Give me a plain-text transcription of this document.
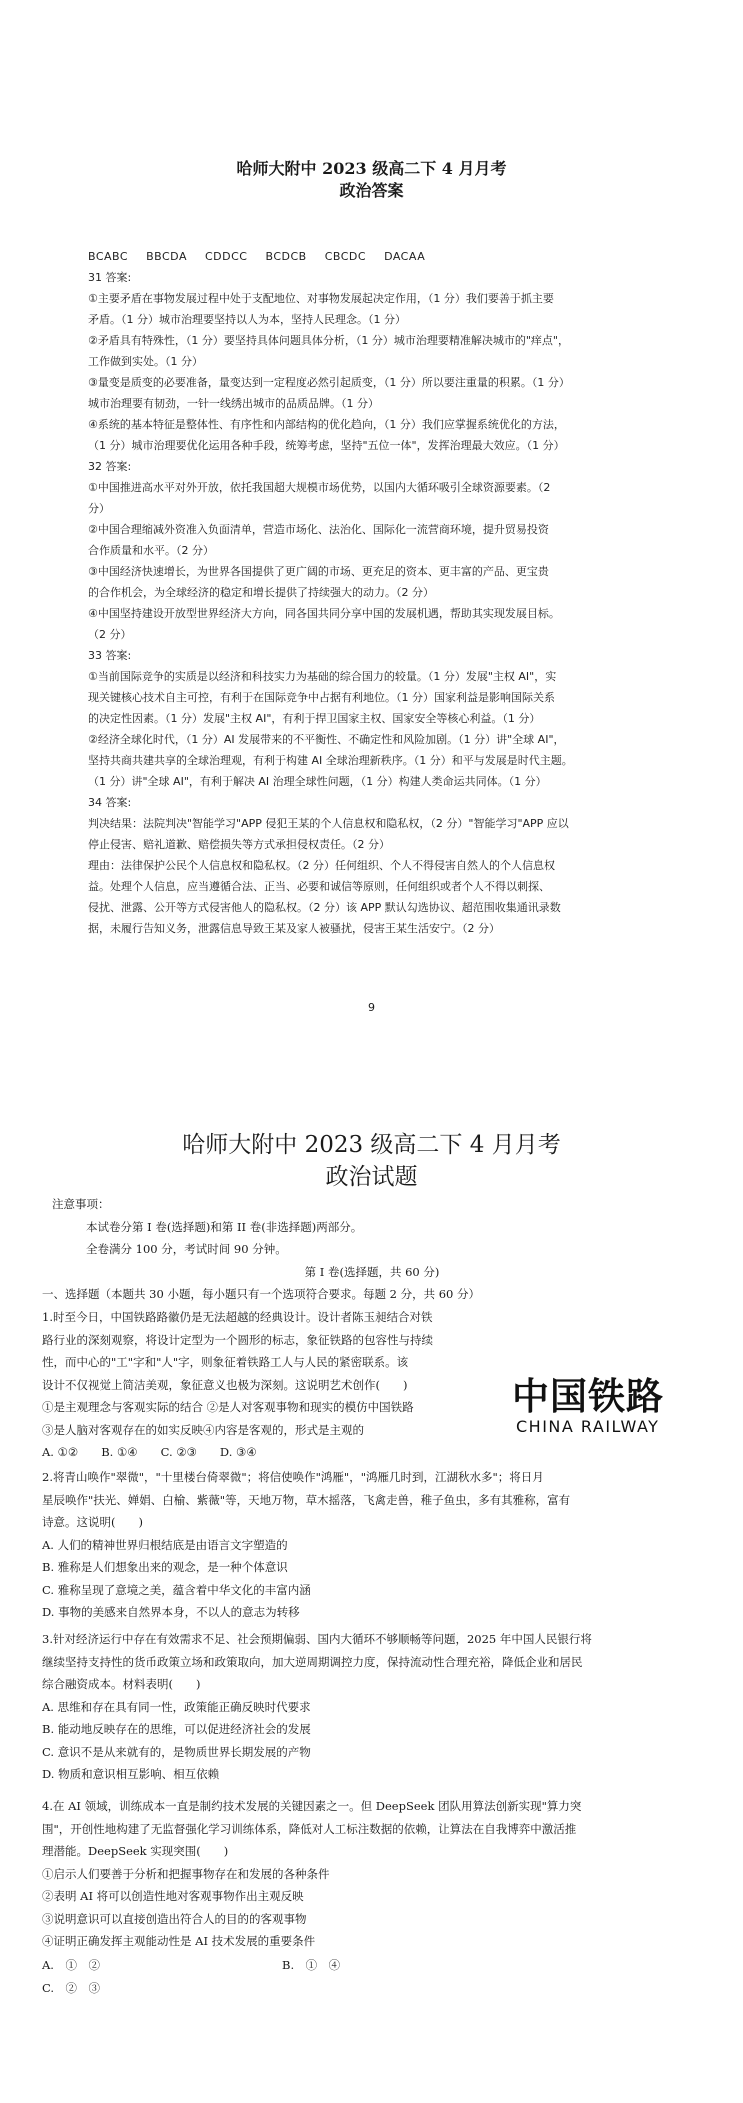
哈师大附中 2023 级高二下 4 月月考
政治答案
BCABC BBCDA CDDCC BCDCB CBCDC DACAA

31 答案:

①主要矛盾在事物发展过程中处于支配地位、对事物发展起决定作用，（1 分）我们要善于抓主要

矛盾。（1 分）城市治理要坚持以人为本，坚持人民理念。（1 分）

②矛盾具有特殊性，（1 分）要坚持具体问题具体分析，（1 分）城市治理要精准解决城市的"痒点"，

工作做到实处。（1 分）

③量变是质变的必要准备，量变达到一定程度必然引起质变，（1 分）所以要注重量的积累。（1 分）

城市治理要有韧劲，一针一线绣出城市的品质品牌。（1 分）

④系统的基本特征是整体性、有序性和内部结构的优化趋向，（1 分）我们应掌握系统优化的方法，

（1 分）城市治理要优化运用各种手段，统筹考虑，坚持"五位一体"，发挥治理最大效应。（1 分）

32 答案:

①中国推进高水平对外开放，依托我国超大规模市场优势，以国内大循环吸引全球资源要素。（2

分）

②中国合理缩减外资准入负面清单，营造市场化、法治化、国际化一流营商环境，提升贸易投资

合作质量和水平。（2 分）

③中国经济快速增长，为世界各国提供了更广阔的市场、更充足的资本、更丰富的产品、更宝贵

的合作机会，为全球经济的稳定和增长提供了持续强大的动力。（2 分）

④中国坚持建设开放型世界经济大方向，同各国共同分享中国的发展机遇，帮助其实现发展目标。

（2 分）

33 答案:

①当前国际竞争的实质是以经济和科技实力为基础的综合国力的较量。（1 分）发展"主权 AI"，实

现关键核心技术自主可控，有利于在国际竞争中占据有利地位。（1 分）国家利益是影响国际关系

的决定性因素。（1 分）发展"主权 AI"，有利于捍卫国家主权、国家安全等核心利益。（1 分）

②经济全球化时代，（1 分）AI 发展带来的不平衡性、不确定性和风险加剧。（1 分）讲"全球 AI"，

坚持共商共建共享的全球治理观，有利于构建 AI 全球治理新秩序。（1 分）和平与发展是时代主题。

（1 分）讲"全球 AI"，有利于解决 AI 治理全球性问题，（1 分）构建人类命运共同体。（1 分）

34 答案:

判决结果：法院判决"智能学习"APP 侵犯王某的个人信息权和隐私权，（2 分）"智能学习"APP 应以

停止侵害、赔礼道歉、赔偿损失等方式承担侵权责任。（2 分）

理由：法律保护公民个人信息权和隐私权。（2 分）任何组织、个人不得侵害自然人的个人信息权

益。处理个人信息，应当遵循合法、正当、必要和诚信等原则，任何组织或者个人不得以刺探、

侵扰、泄露、公开等方式侵害他人的隐私权。（2 分）该 APP 默认勾选协议、超范围收集通讯录数

据，未履行告知义务，泄露信息导致王某及家人被骚扰，侵害王某生活安宁。（2 分）

9
哈师大附中 2023 级高二下 4 月月考
政治试题

注意事项：

本试卷分第 I 卷(选择题)和第 II 卷(非选择题)两部分。

全卷满分 100 分，考试时间 90 分钟。

第 I 卷(选择题，共 60 分)

一、选择题（本题共 30 小题，每小题只有一个选项符合要求。每题 2 分，共 60 分）

1.时至今日，中国铁路路徽仍是无法超越的经典设计。设计者陈玉昶结合对铁

路行业的深刻观察，将设计定型为一个圆形的标志，象征铁路的包容性与持续

性，而中心的"工"字和"人"字，则象征着铁路工人与人民的紧密联系。该

设计不仅视觉上简洁美观，象征意义也极为深刻。这说明艺术创作(　　)

①是主观理念与客观实际的结合 ②是人对客观事物和现实的模仿中国铁路

③是人脑对客观存在的如实反映④内容是客观的，形式是主观的

A. ①②　　B. ①④　　C. ②③　　D. ③④

中国铁路
CHINA RAILWAY

2.将青山唤作"翠微"，"十里楼台倚翠微"；将信使唤作"鸿雁"，"鸿雁几时到，江湖秋水多"；将日月

星辰唤作"扶光、婵娟、白榆、紫薇"等，天地万物，草木摇落，飞禽走兽，稚子鱼虫，多有其雅称，富有

诗意。这说明(　　)

A. 人们的精神世界归根结底是由语言文字塑造的

B. 雅称是人们想象出来的观念，是一种个体意识

C. 雅称呈现了意境之美，蕴含着中华文化的丰富内涵

D. 事物的美感来自然界本身，不以人的意志为转移

3.针对经济运行中存在有效需求不足、社会预期偏弱、国内大循环不够顺畅等问题，2025 年中国人民银行将

继续坚持支持性的货币政策立场和政策取向，加大逆周期调控力度，保持流动性合理充裕，降低企业和居民

综合融资成本。材料表明(　　)

A. 思维和存在具有同一性，政策能正确反映时代要求

B. 能动地反映存在的思维，可以促进经济社会的发展

C. 意识不是从来就有的，是物质世界长期发展的产物

D. 物质和意识相互影响、相互依赖

4.在 AI 领域，训练成本一直是制约技术发展的关键因素之一。但 DeepSeek 团队用算法创新实现"算力突

围"，开创性地构建了无监督强化学习训练体系，降低对人工标注数据的依赖，让算法在自我博弈中激活推

理潜能。DeepSeek 实现突围(　　)

①启示人们要善于分析和把握事物存在和发展的各种条件

②表明 AI 将可以创造性地对客观事物作出主观反映

③说明意识可以直接创造出符合人的目的的客观事物

④证明正确发挥主观能动性是 AI 技术发展的重要条件

A.　①　②	B.　①　④C.　②　③
